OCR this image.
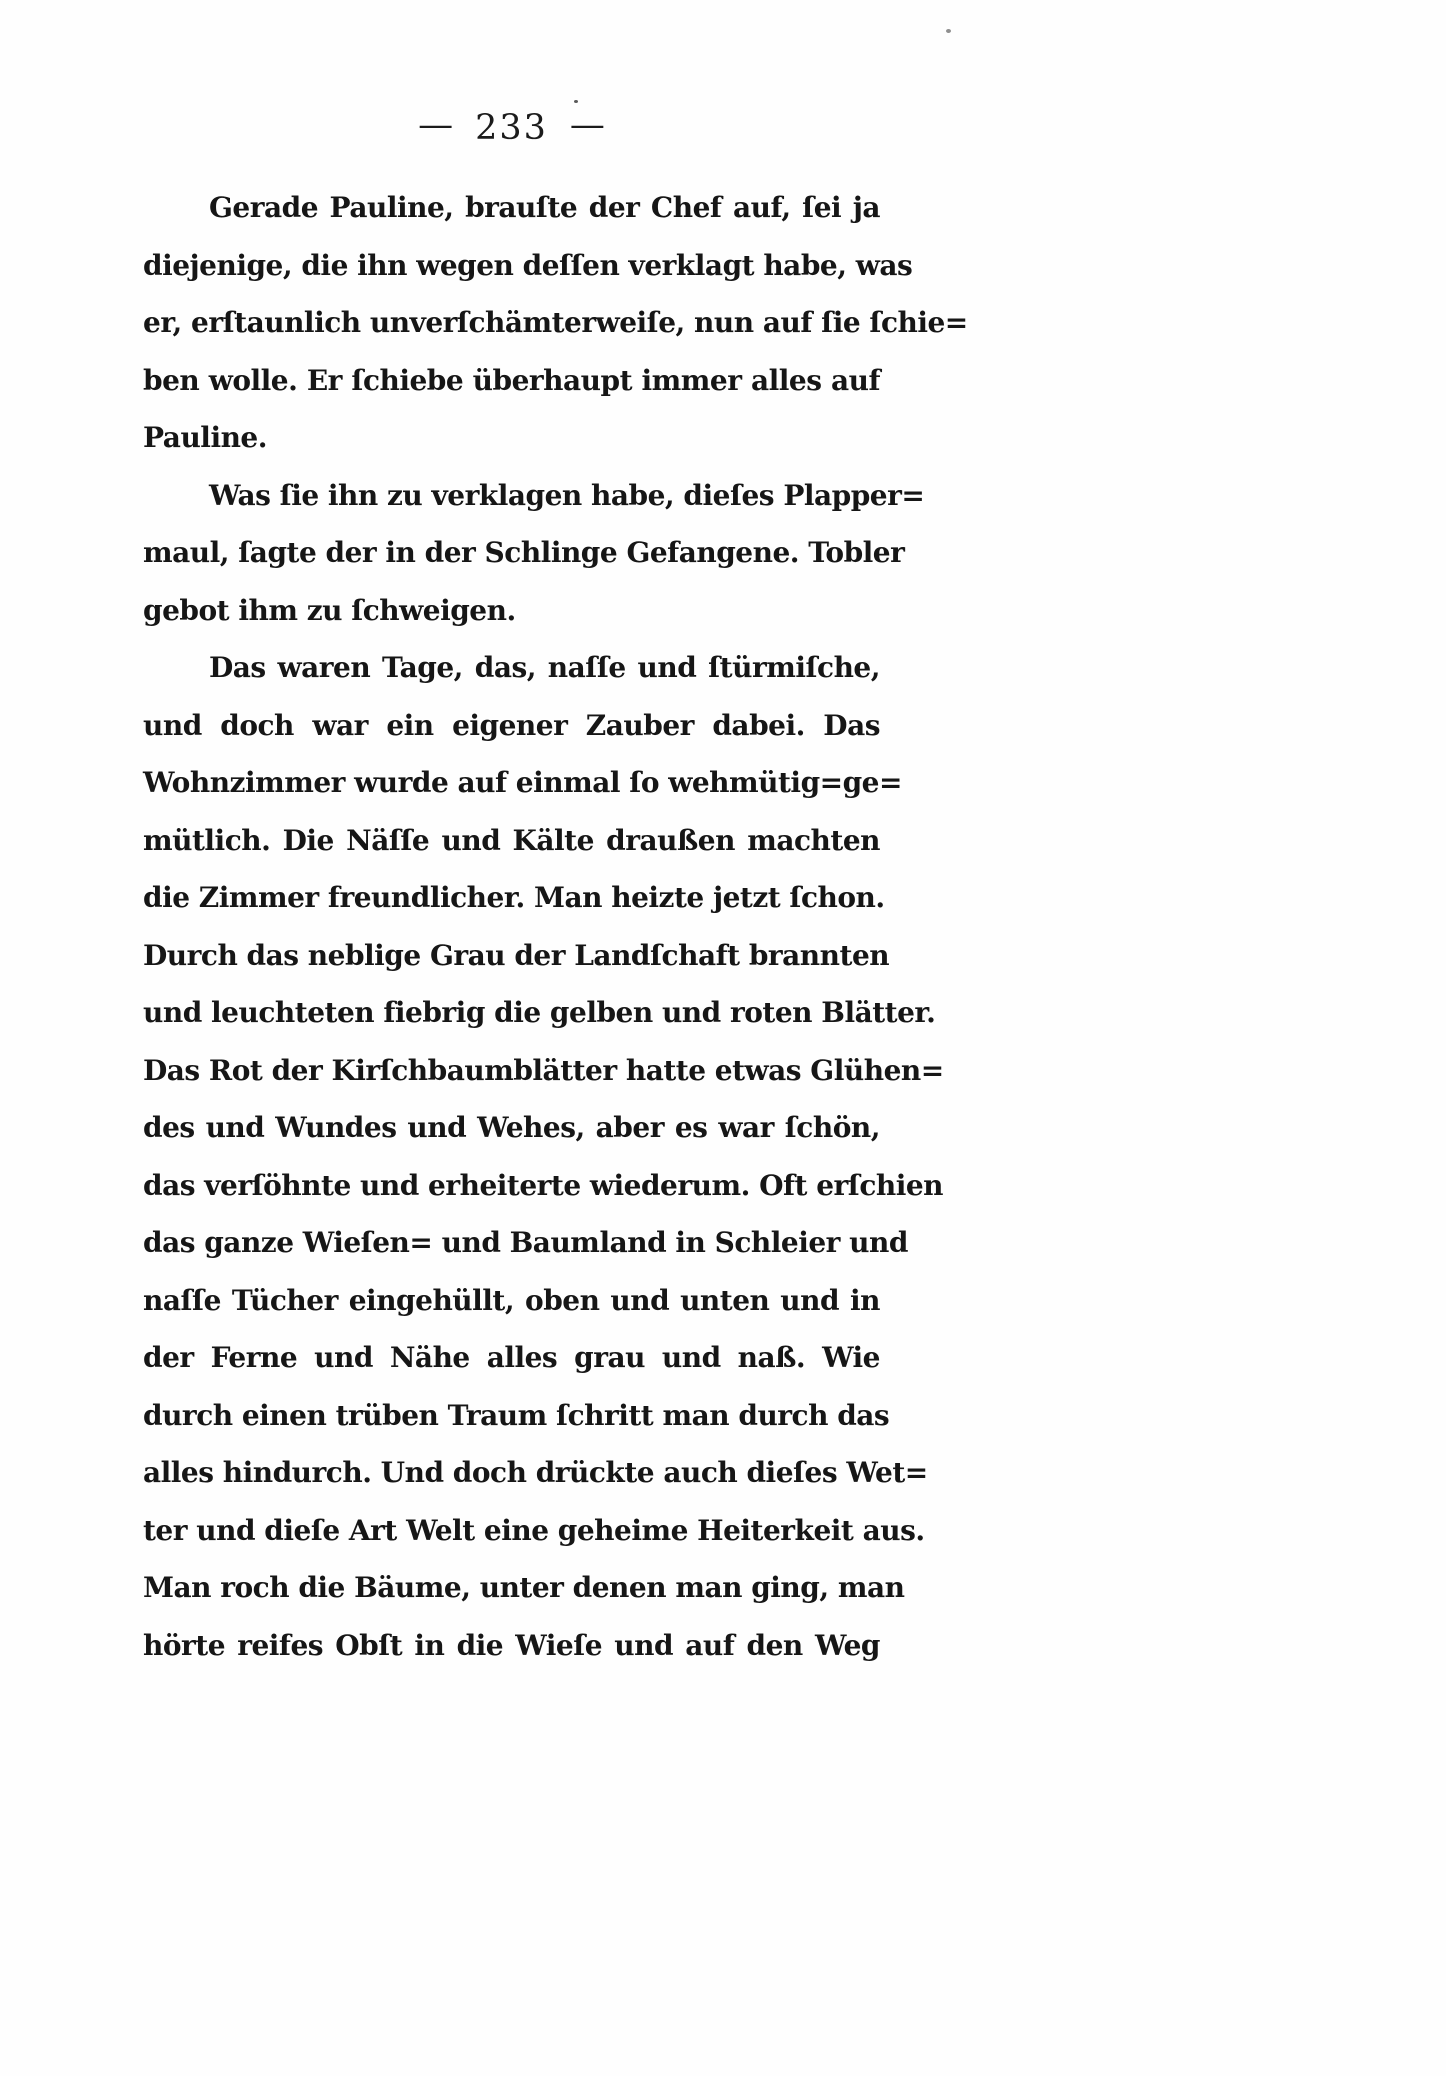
— 233 —
Gerade Pauline, brauſte der Chef auf, ſei ja
diejenige, die ihn wegen deſſen verklagt habe, was
er, erſtaunlich unverſchämterweiſe, nun auf ſie ſchie=
ben wolle. Er ſchiebe überhaupt immer alles auf
Pauline.
Was ſie ihn zu verklagen habe, dieſes Plapper=
maul, ſagte der in der Schlinge Gefangene. Tobler
gebot ihm zu ſchweigen.
Das waren Tage, das, naſſe und ſtürmiſche,
und doch war ein eigener Zauber dabei. Das
Wohnzimmer wurde auf einmal ſo wehmütig=ge=
mütlich. Die Näſſe und Kälte draußen machten
die Zimmer freundlicher. Man heizte jetzt ſchon.
Durch das neblige Grau der Landſchaft brannten
und leuchteten fiebrig die gelben und roten Blätter.
Das Rot der Kirſchbaumblätter hatte etwas Glühen=
des und Wundes und Wehes, aber es war ſchön,
das verſöhnte und erheiterte wiederum. Oft erſchien
das ganze Wieſen= und Baumland in Schleier und
naſſe Tücher eingehüllt, oben und unten und in
der Ferne und Nähe alles grau und naß. Wie
durch einen trüben Traum ſchritt man durch das
alles hindurch. Und doch drückte auch dieſes Wet=
ter und dieſe Art Welt eine geheime Heiterkeit aus.
Man roch die Bäume, unter denen man ging, man
hörte reifes Obſt in die Wieſe und auf den Weg
